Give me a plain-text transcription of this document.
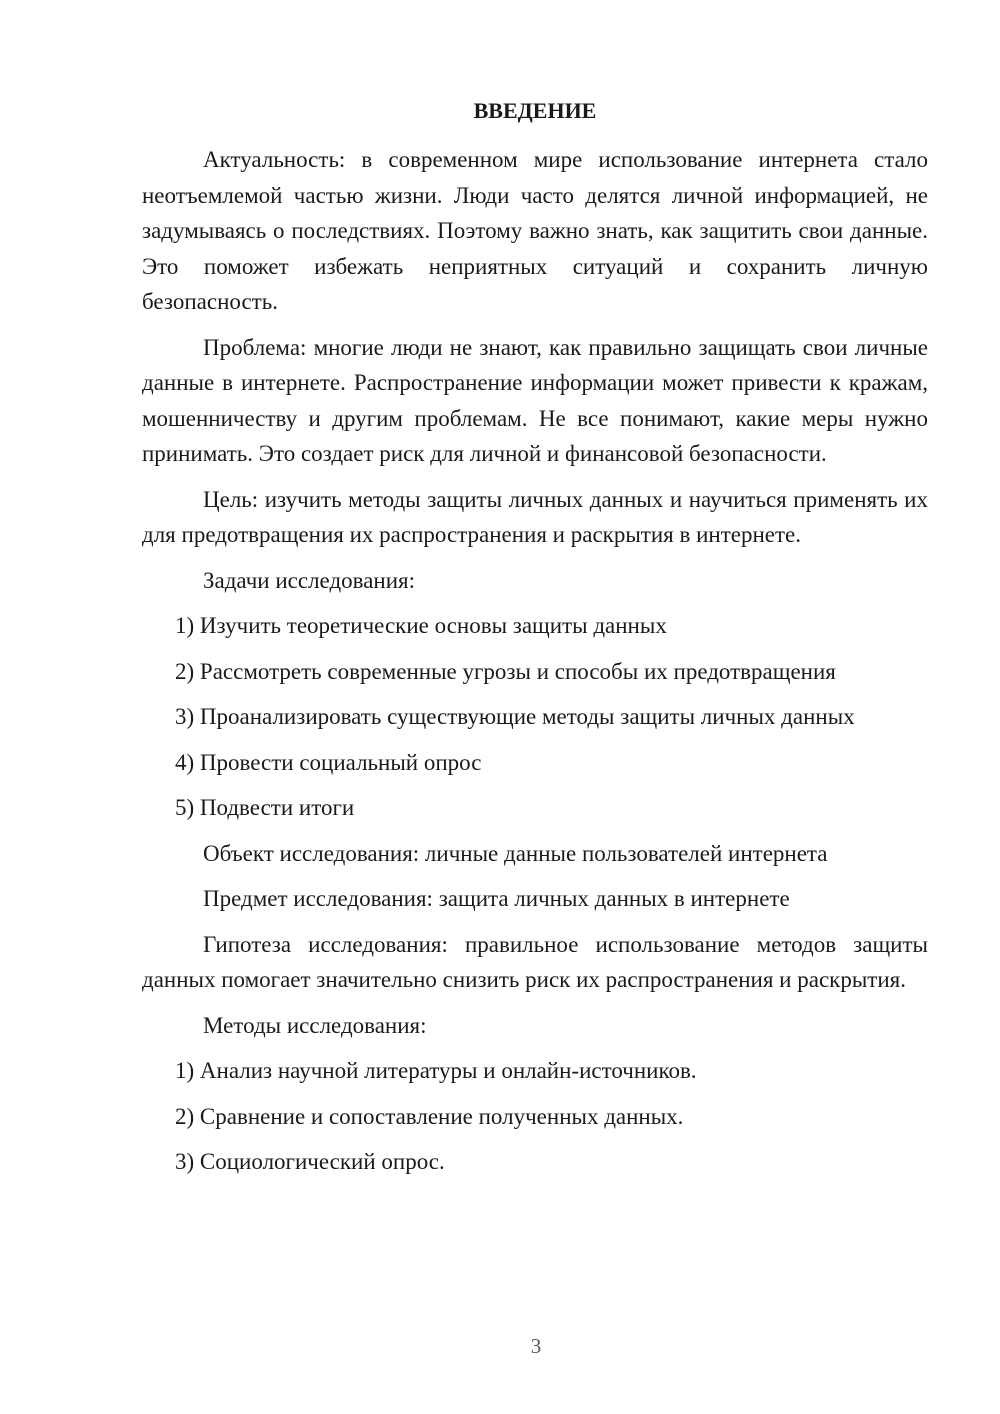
ВВЕДЕНИЕ

Актуальность: в современном мире использование интернета стало неотъемлемой частью жизни. Люди часто делятся личной информацией, не задумываясь о последствиях. Поэтому важно знать, как защитить свои данные. Это поможет избежать неприятных ситуаций и сохранить личную безопасность.

Проблема: многие люди не знают, как правильно защищать свои личные данные в интернете. Распространение информации может привести к кражам, мошенничеству и другим проблемам. Не все понимают, какие меры нужно принимать. Это создает риск для личной и финансовой безопасности.

Цель: изучить методы защиты личных данных и научиться применять их для предотвращения их распространения и раскрытия в интернете.

Задачи исследования:

1) Изучить теоретические основы защиты данных

2) Рассмотреть современные угрозы и способы их предотвращения

3) Проанализировать существующие методы защиты личных данных

4) Провести социальный опрос

5) Подвести итоги

Объект исследования: личные данные пользователей интернета

Предмет исследования: защита личных данных в интернете

Гипотеза исследования: правильное использование методов защиты данных помогает значительно снизить риск их распространения и раскрытия.

Методы исследования:

1) Анализ научной литературы и онлайн-источников.

2) Сравнение и сопоставление полученных данных.

3) Социологический опрос.

3
